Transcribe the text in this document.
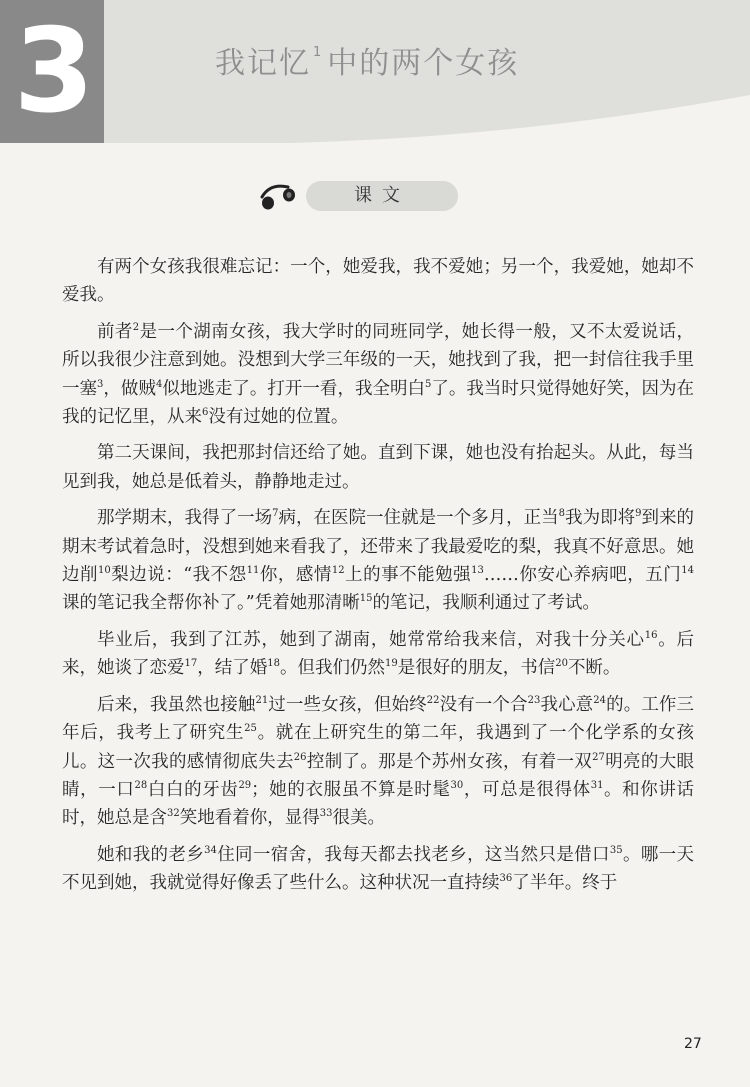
3	我记忆 $^1$ 中的两个女孩
课文

有两个女孩我很难忘记：一个，她爱我，我不爱她；另一个，我爱她，她却不爱我。

前者$^2$是一个湖南女孩，我大学时的同班同学，她长得一般，又不太爱说话，所以我很少注意到她。没想到大学三年级的一天，她找到了我，把一封信往我手里一塞$^3$，做贼$^4$似地逃走了。打开一看，我全明白$^5$了。我当时只觉得她好笑，因为在我的记忆里，从来$^6$没有过她的位置。

第二天课间，我把那封信还给了她。直到下课，她也没有抬起头。从此，每当见到我，她总是低着头，静静地走过。

那学期末，我得了一场$^7$病，在医院一住就是一个多月，正当$^8$我为即将$^9$到来的期末考试着急时，没想到她来看我了，还带来了我最爱吃的梨，我真不好意思。她边削$^{10}$梨边说：“我不怨$^{11}$你，感情$^{12}$上的事不能勉强$^{13}$……你安心养病吧，五门$^{14}$课的笔记我全帮你补了。”凭着她那清晰$^{15}$的笔记，我顺利通过了考试。

毕业后，我到了江苏，她到了湖南，她常常给我来信，对我十分关心$^{16}$。后来，她谈了恋爱$^{17}$，结了婚$^{18}$。但我们仍然$^{19}$是很好的朋友，书信$^{20}$不断。

后来，我虽然也接触$^{21}$过一些女孩，但始终$^{22}$没有一个合$^{23}$我心意$^{24}$的。工作三年后，我考上了研究生$^{25}$。就在上研究生的第二年，我遇到了一个化学系的女孩儿。这一次我的感情彻底失去$^{26}$控制了。那是个苏州女孩，有着一双$^{27}$明亮的大眼睛，一口$^{28}$白白的牙齿$^{29}$；她的衣服虽不算是时髦$^{30}$，可总是很得体$^{31}$。和你讲话时，她总是含$^{32}$笑地看着你，显得$^{33}$很美。

她和我的老乡$^{34}$住同一宿舍，我每天都去找老乡，这当然只是借口$^{35}$。哪一天不见到她，我就觉得好像丢了些什么。这种状况一直持续$^{36}$了半年。终于

27
